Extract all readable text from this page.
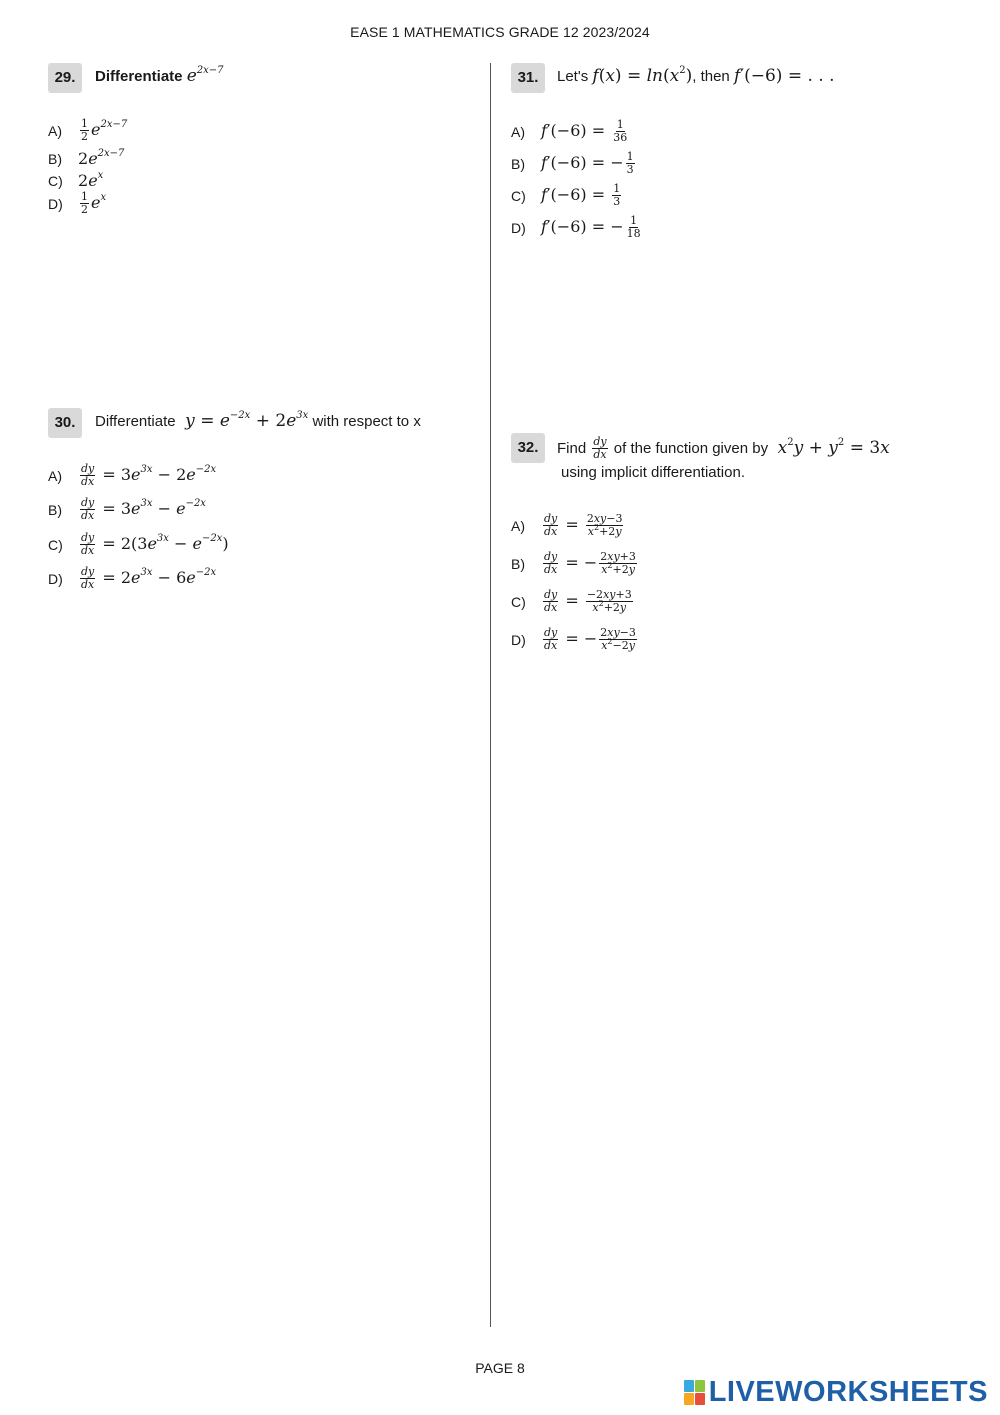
EASE 1 MATHEMATICS GRADE 12 2023/2024
29.	Differentiate $e^{2x-7}$
A)	$\frac{1}{2} e^{2x-7}$
B)	$2e^{2x-7}$
C) $2e^x$
D)	$\frac{1}{2} e^x$
30.	Differentiate  $y = e^{-2x} + 2e^{3x}$ with respect to x
A)	$\frac{dy}{dx} = 3e^{3x} - 2e^{-2x}$
B)	$\frac{dy}{dx} = 3e^{3x} - e^{-2x}$
C)	$\frac{dy}{dx} = 2(3e^{3x} - e^{-2x})$
D)	$\frac{dy}{dx} = 2e^{3x} - 6e^{-2x}$
31.	Let's $f(x) = \ln(x^2)$, then f′(−6) = . . .
A)	$f'(-6) = \frac{1}{36}$
B)	f′(−6) = − $\frac{1}{3}$
C) $f'(-6) = \frac{1}{3}$
D) f′(−6) = − $\frac{1}{18}$
32.	Find $\frac{dy}{dx}$ of the function given by  $x^2y + y^2 = 3x$
using implicit differentiation.
A)	$\frac{dy}{dx} = \frac{2xy-3}{x^2+2y}$
B)	$\frac{dy}{dx}$ = − $\frac{2xy+3}{x^2+2y}$
C)	$\frac{dy}{dx} = \frac{-2xy+3}{x^2+2y}$
D)	$\frac{dy}{dx}$ = − $\frac{2xy-3}{x^2-2y}$
PAGE 8
LIVEWORKSHEETS
